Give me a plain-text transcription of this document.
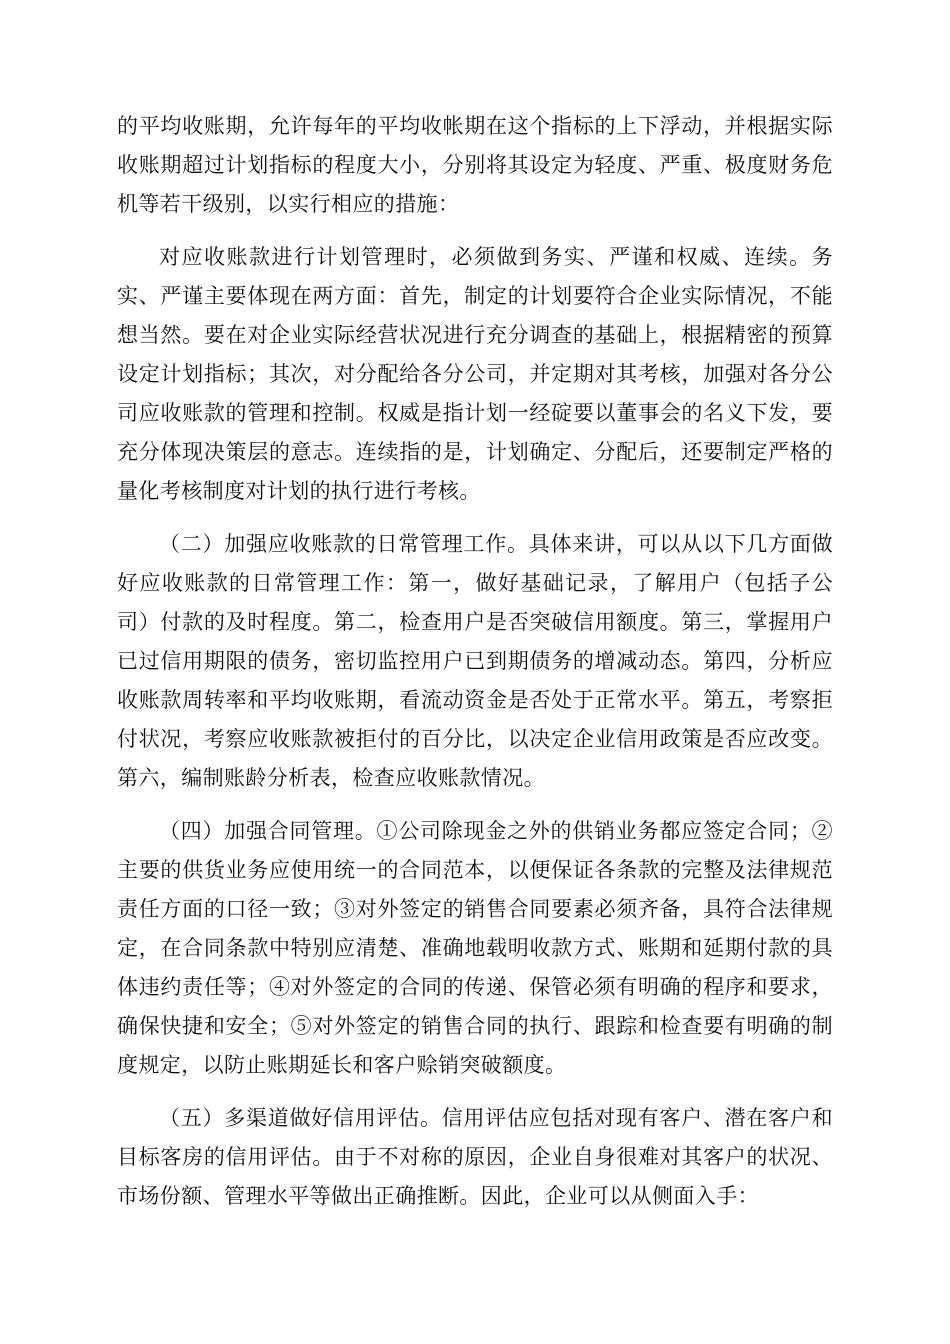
的平均收账期，允许每年的平均收帐期在这个指标的上下浮动，并根据实际收账期超过计划指标的程度大小，分别将其设定为轻度、严重、极度财务危机等若干级别，以实行相应的措施：

对应收账款进行计划管理时，必须做到务实、严谨和权威、连续。务实、严谨主要体现在两方面：首先，制定的计划要符合企业实际情况，不能想当然。要在对企业实际经营状况进行充分调查的基础上，根据精密的预算设定计划指标；其次，对分配给各分公司，并定期对其考核，加强对各分公司应收账款的管理和控制。权威是指计划一经碇要以董事会的名义下发，要充分体现决策层的意志。连续指的是，计划确定、分配后，还要制定严格的量化考核制度对计划的执行进行考核。

（二）加强应收账款的日常管理工作。具体来讲，可以从以下几方面做好应收账款的日常管理工作：第一，做好基础记录，了解用户（包括子公司）付款的及时程度。第二，检查用户是否突破信用额度。第三，掌握用户已过信用期限的债务，密切监控用户已到期债务的增减动态。第四，分析应收账款周转率和平均收账期，看流动资金是否处于正常水平。第五，考察拒付状况，考察应收账款被拒付的百分比，以决定企业信用政策是否应改变。第六，编制账龄分析表，检查应收账款情况。

（四）加强合同管理。①公司除现金之外的供销业务都应签定合同；②主要的供货业务应使用统一的合同范本，以便保证各条款的完整及法律规范责任方面的口径一致；③对外签定的销售合同要素必须齐备，具符合法律规定，在合同条款中特别应清楚、准确地载明收款方式、账期和延期付款的具体违约责任等；④对外签定的合同的传递、保管必须有明确的程序和要求，确保快捷和安全；⑤对外签定的销售合同的执行、跟踪和检查要有明确的制度规定，以防止账期延长和客户赊销突破额度。

（五）多渠道做好信用评估。信用评估应包括对现有客户、潜在客户和目标客房的信用评估。由于不对称的原因，企业自身很难对其客户的状况、市场份额、管理水平等做出正确推断。因此，企业可以从侧面入手：
